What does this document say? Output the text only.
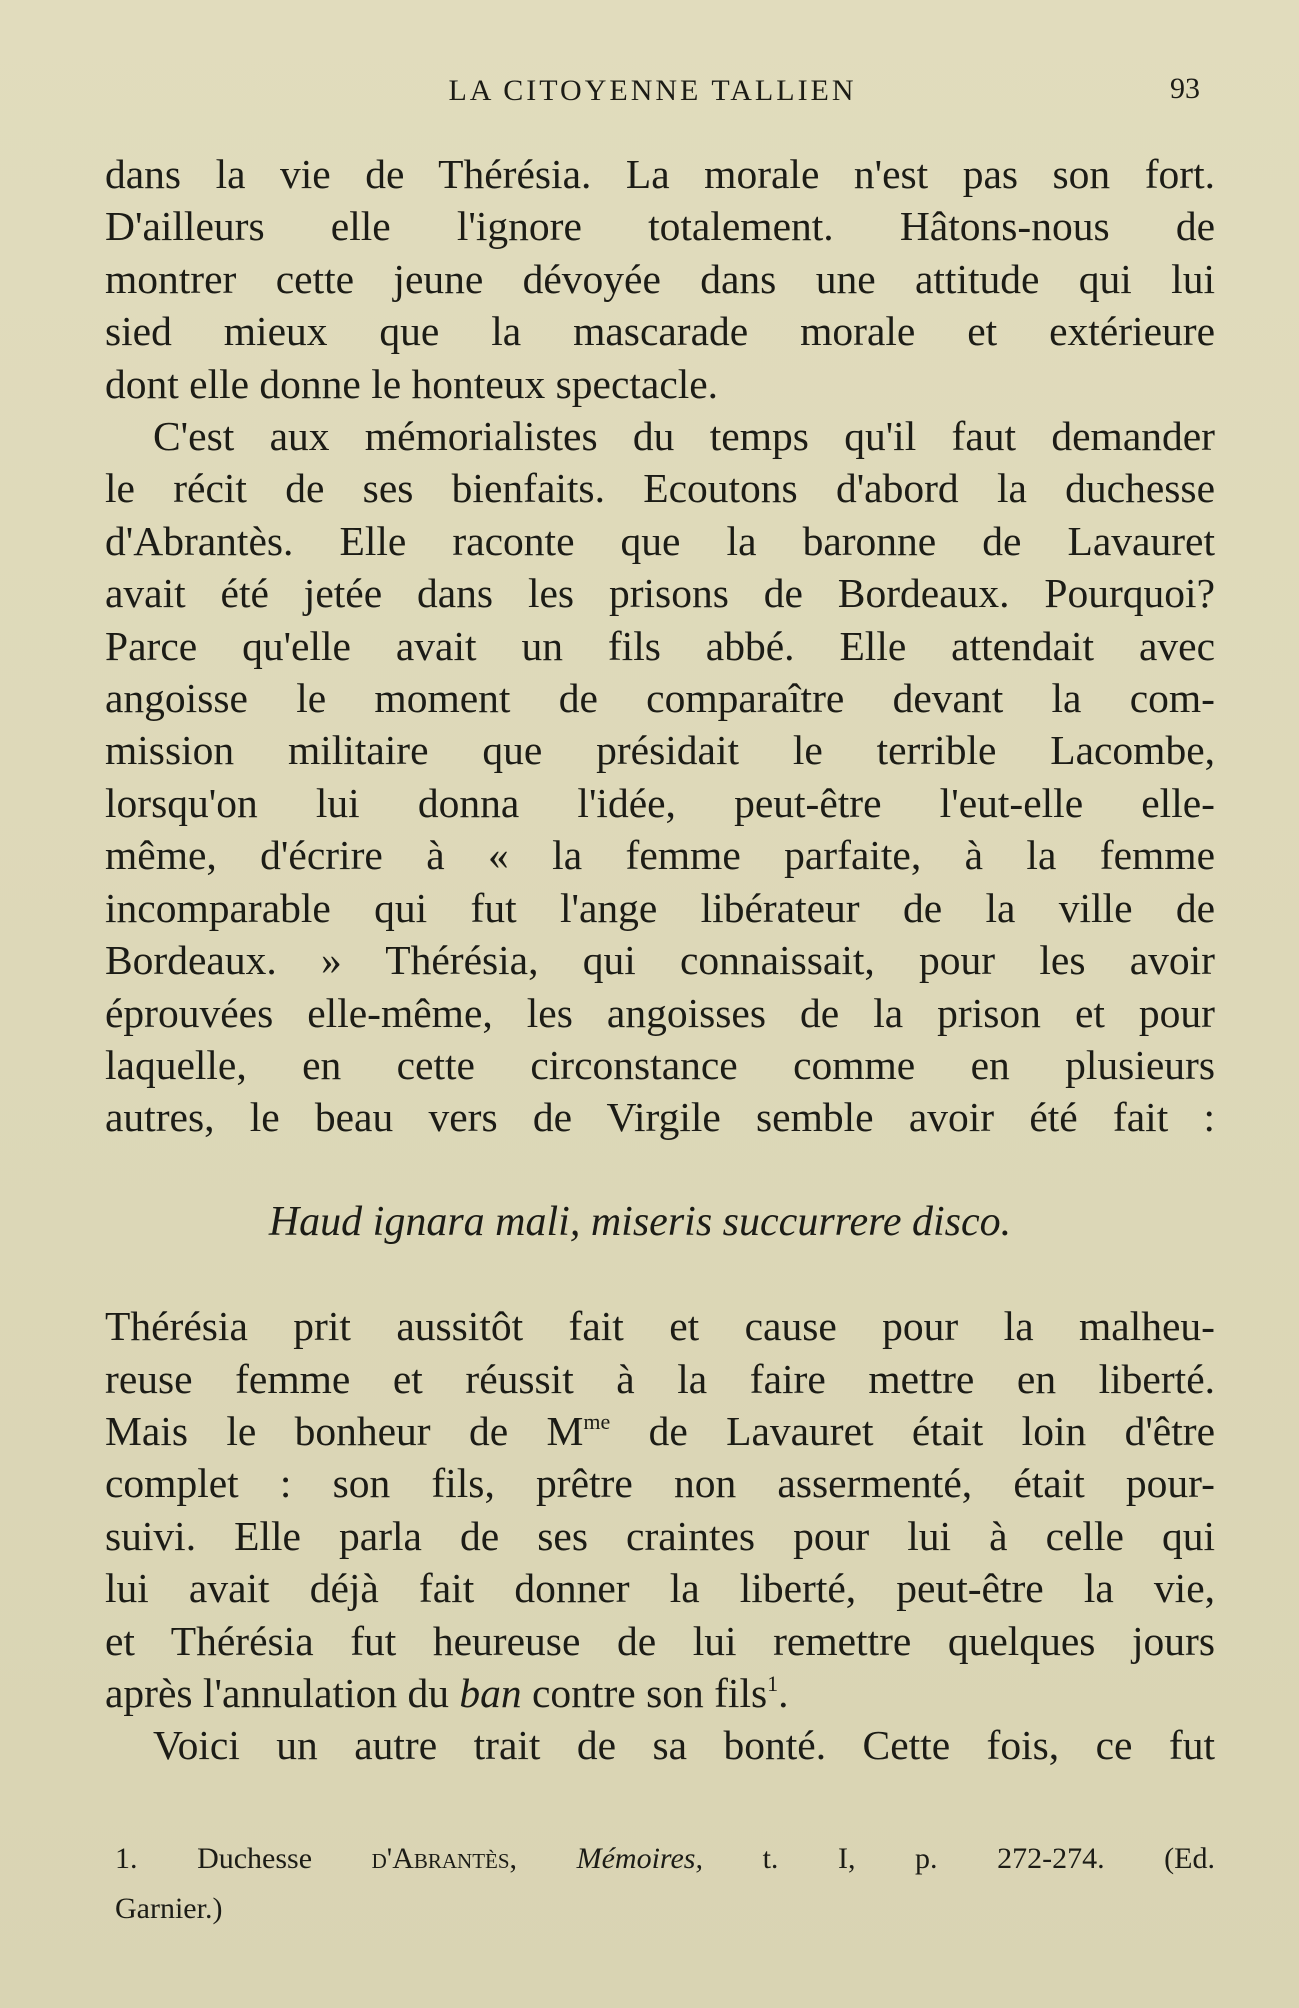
LA CITOYENNE TALLIEN	93
dans la vie de Thérésia. La morale n'est pas son fort.
D'ailleurs elle l'ignore totalement. Hâtons-nous de
montrer cette jeune dévoyée dans une attitude qui lui
sied mieux que la mascarade morale et extérieure
dont elle donne le honteux spectacle.
C'est aux mémorialistes du temps qu'il faut demander
le récit de ses bienfaits. Ecoutons d'abord la duchesse
d'Abrantès. Elle raconte que la baronne de Lavauret
avait été jetée dans les prisons de Bordeaux. Pourquoi?
Parce qu'elle avait un fils abbé. Elle attendait avec
angoisse le moment de comparaître devant la com-
mission militaire que présidait le terrible Lacombe,
lorsqu'on lui donna l'idée, peut-être l'eut-elle elle-
même, d'écrire à « la femme parfaite, à la femme
incomparable qui fut l'ange libérateur de la ville de
Bordeaux. » Thérésia, qui connaissait, pour les avoir
éprouvées elle-même, les angoisses de la prison et pour
laquelle, en cette circonstance comme en plusieurs
autres, le beau vers de Virgile semble avoir été fait :
Haud ignara mali, miseris succurrere disco.
Thérésia prit aussitôt fait et cause pour la malheu-
reuse femme et réussit à la faire mettre en liberté.
Mais le bonheur de $M^{me}$ de Lavauret était loin d'être
complet : son fils, prêtre non assermenté, était pour-
suivi. Elle parla de ses craintes pour lui à celle qui
lui avait déjà fait donner la liberté, peut-être la vie,
et Thérésia fut heureuse de lui remettre quelques jours
après l'annulation du ban contre son fils$^1$.
Voici un autre trait de sa bonté. Cette fois, ce fut
1. Duchesse d'Abrantès, Mémoires, t. I, p. 272-274. (Ed.
Garnier.)
